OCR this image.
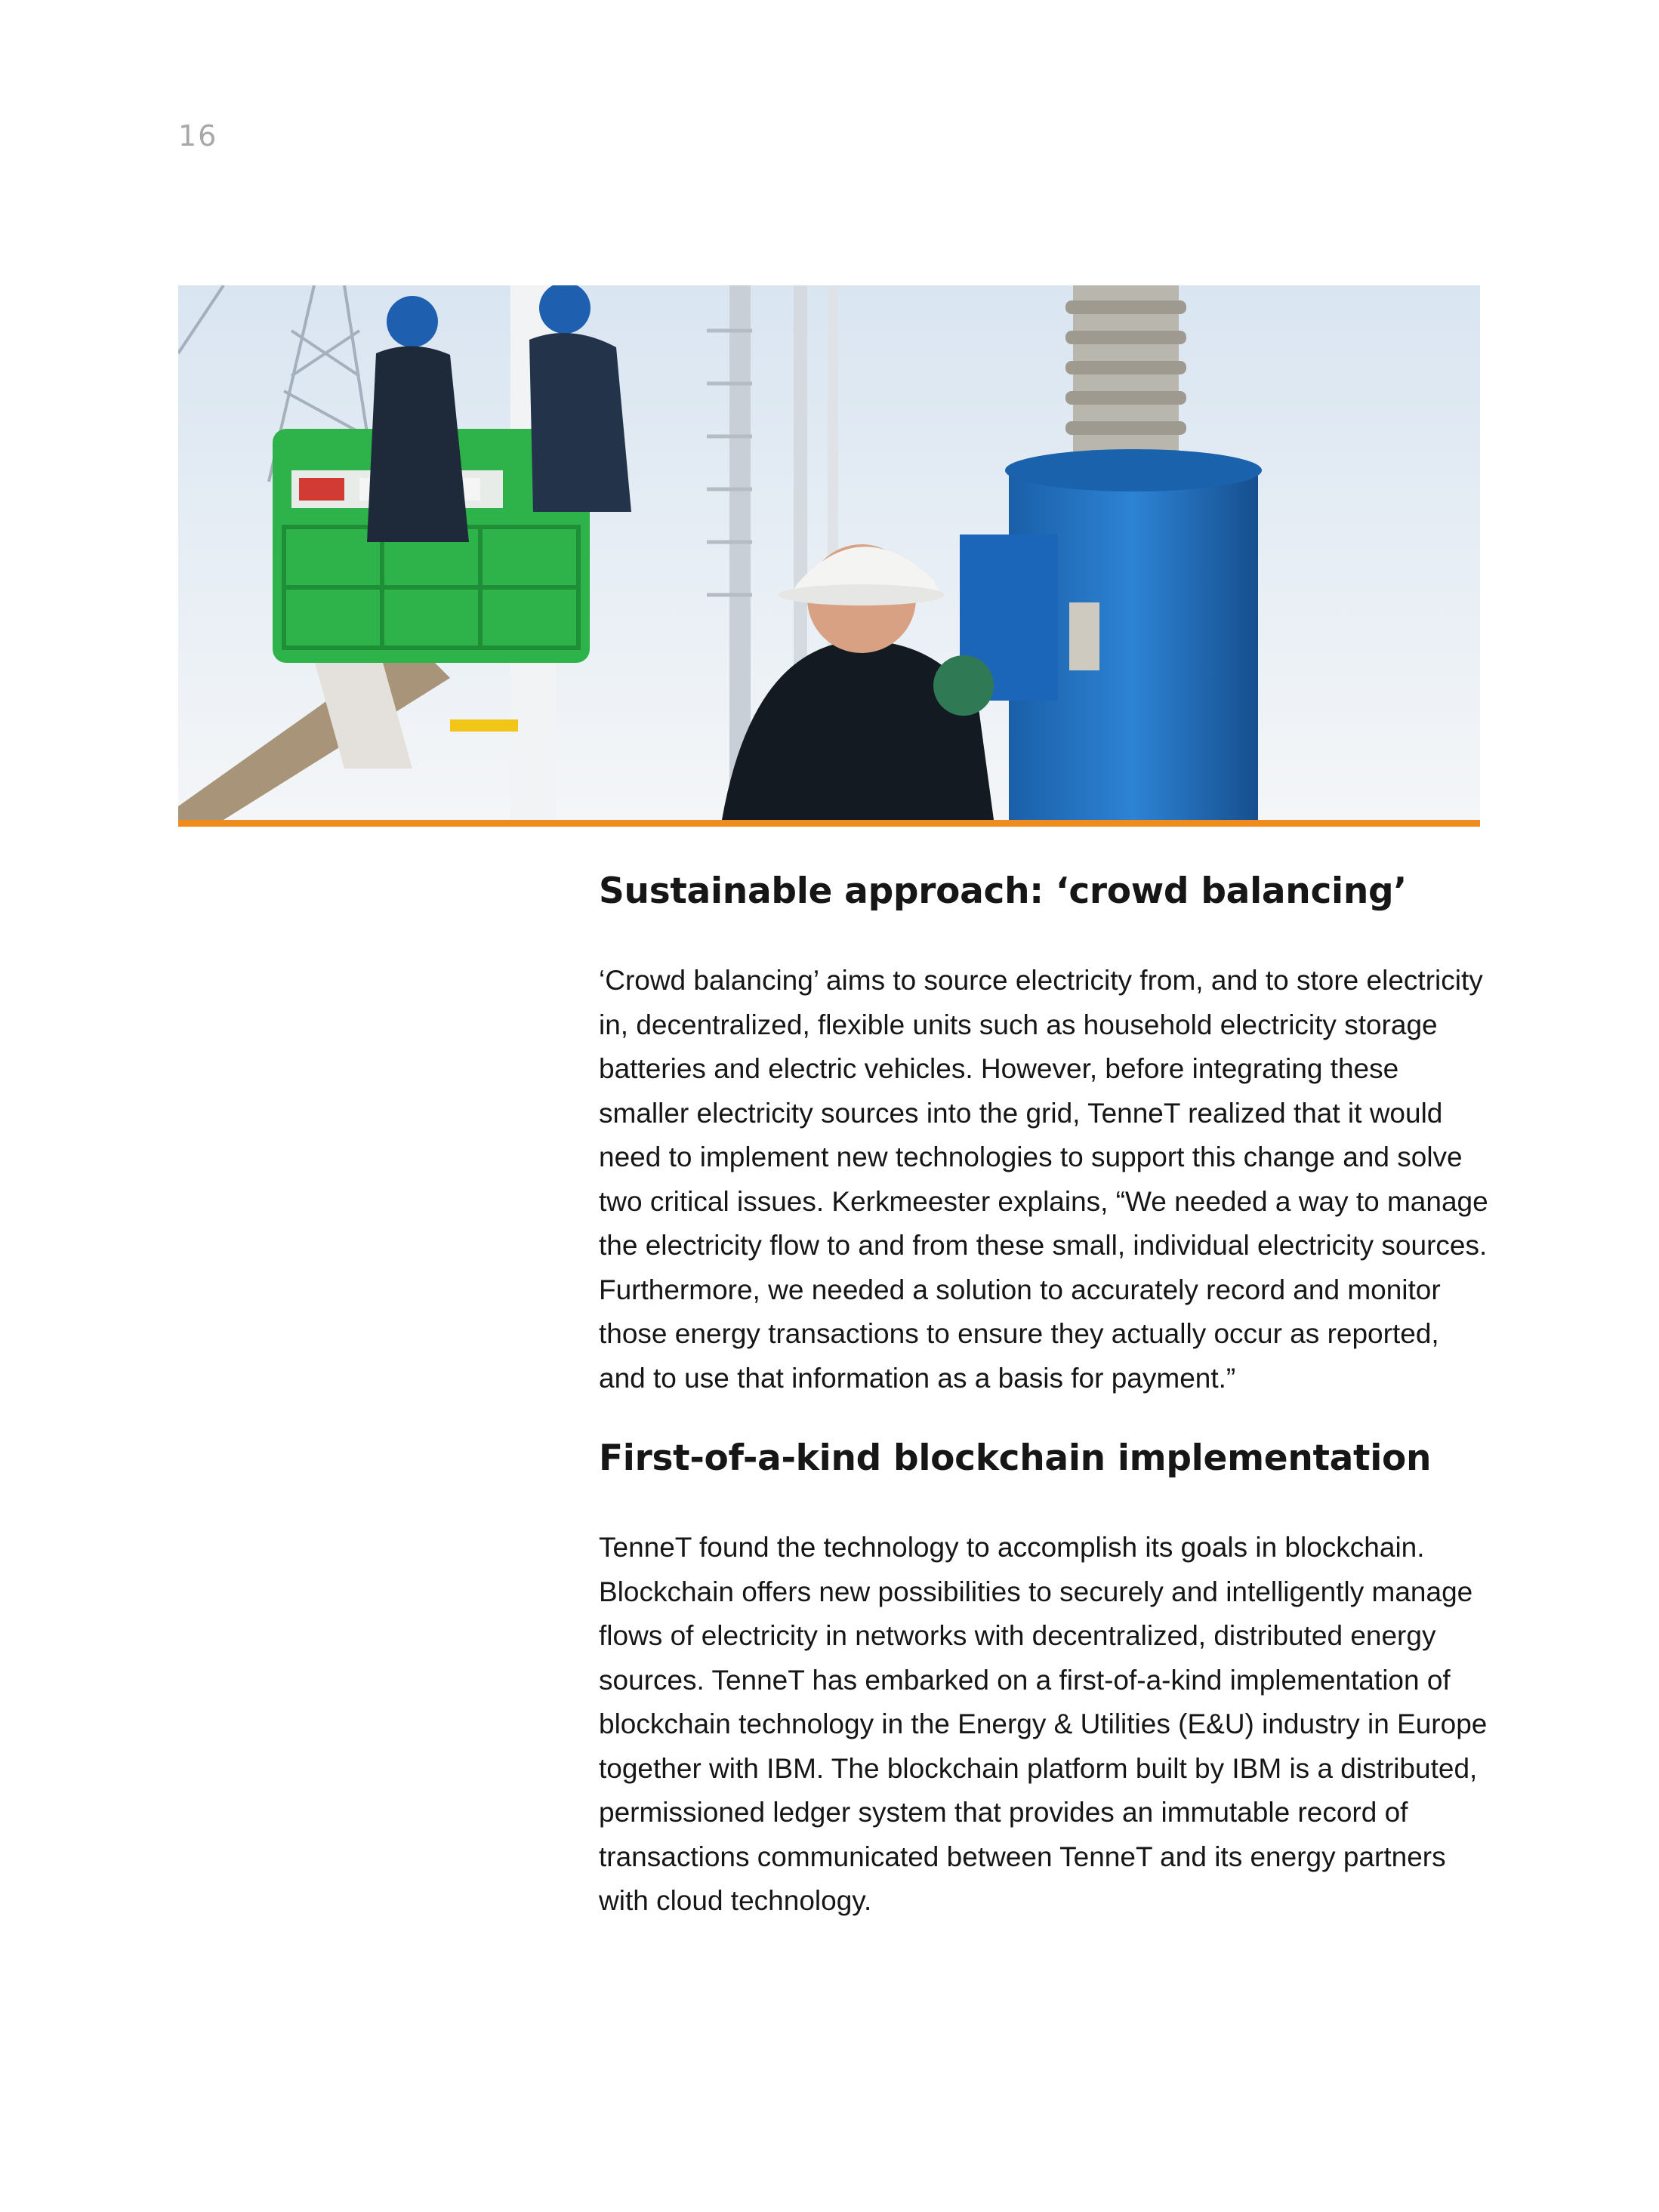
16
Sustainable approach: ‘crowd balancing’

‘Crowd balancing’ aims to source electricity from, and to store electricity in, decentralized, flexible units such as household electricity storage batteries and electric vehicles. However, before integrating these smaller electricity sources into the grid, TenneT realized that it would need to implement new technologies to support this change and solve two critical issues. Kerkmeester explains, “We needed a way to manage the electricity flow to and from these small, individual electricity sources. Furthermore, we needed a solution to accurately record and monitor those energy transactions to ensure they actually occur as reported, and to use that information as a basis for payment.”

First-of-a-kind blockchain implementation

TenneT found the technology to accomplish its goals in blockchain. Blockchain offers new possibilities to securely and intelligently manage flows of electricity in networks with decentralized, distributed energy sources. TenneT has embarked on a first-of-a-kind implementation of blockchain technology in the Energy & Utilities (E&U) industry in Europe together with IBM. The blockchain platform built by IBM is a distributed, permissioned ledger system that provides an immutable record of transactions communicated between TenneT and its energy partners with cloud technology.
